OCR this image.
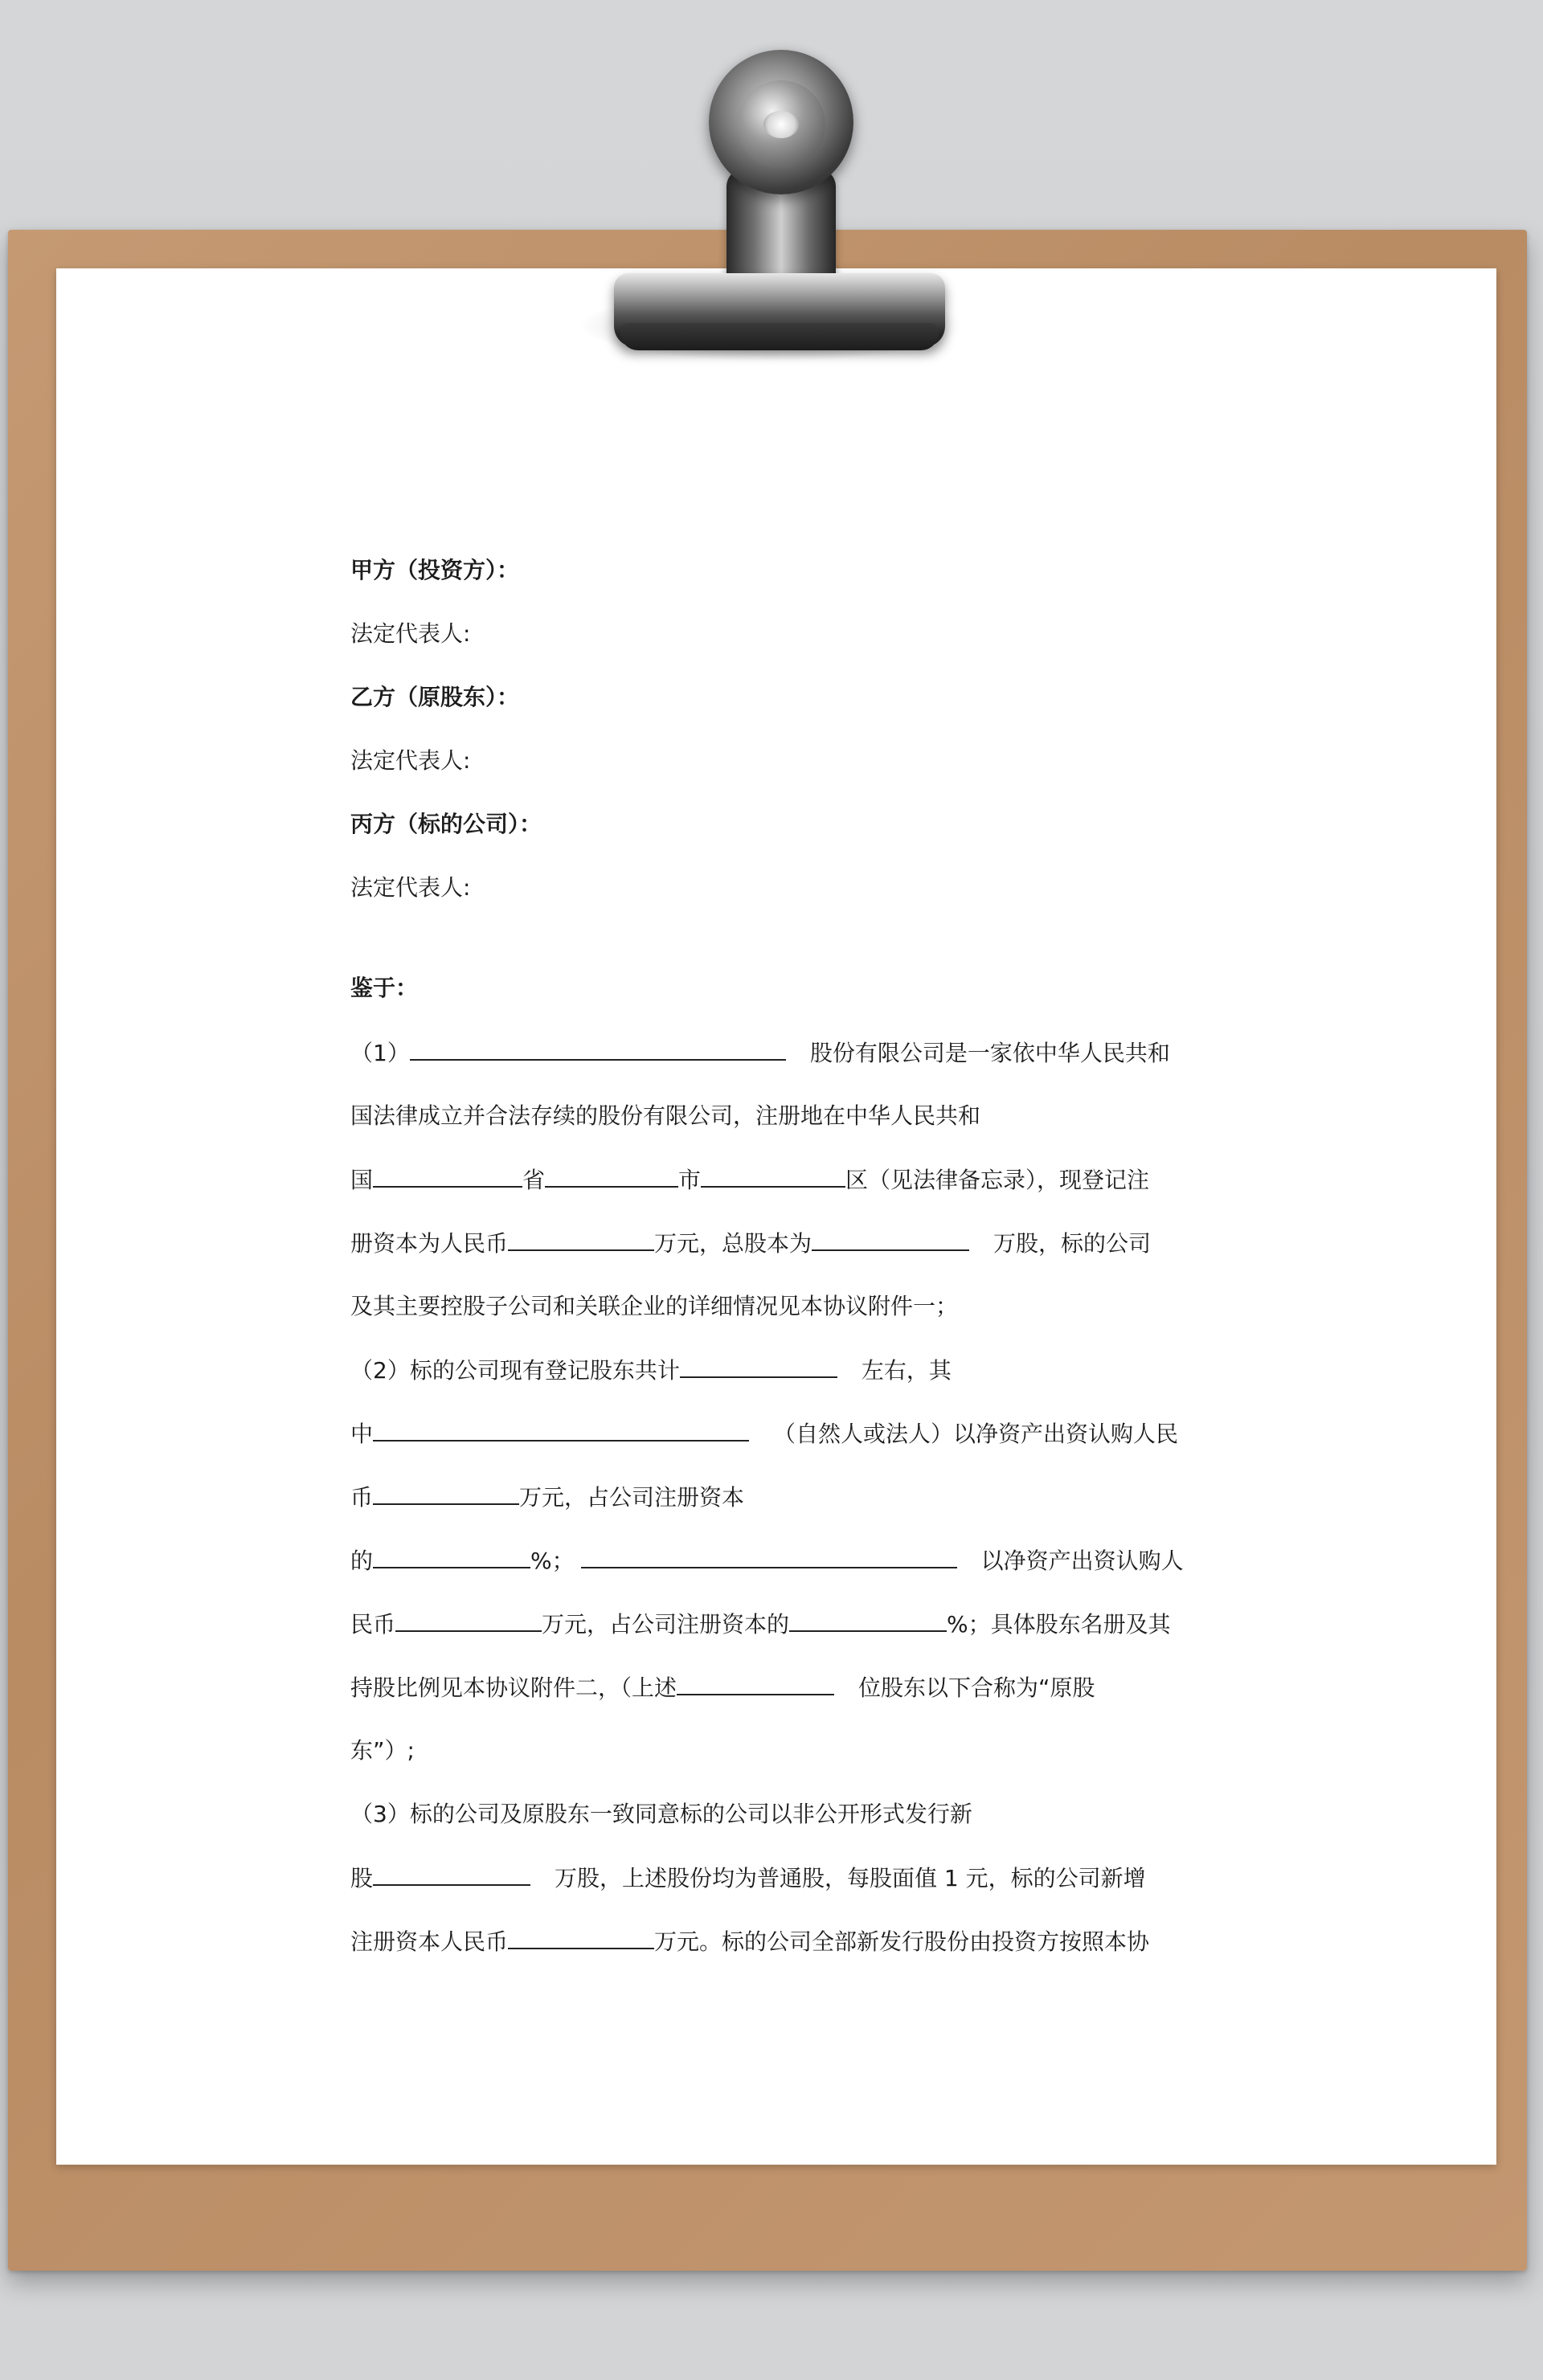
甲方（投资方）：
法定代表人:
乙方（原股东）：
法定代表人:
丙方（标的公司）：
法定代表人:
鉴于：
（1）	股份有限公司是一家依中华人民共和
国法律成立并合法存续的股份有限公司，注册地在中华人民共和
国	省	市	区（见法律备忘录），现登记注
册资本为人民币	万元，总股本为	万股，标的公司
及其主要控股子公司和关联企业的详细情况见本协议附件一；
（2）标的公司现有登记股东共计	左右，其
中	（自然人或法人）以净资产出资认购人民
币	万元，占公司注册资本
的	%；	以净资产出资认购人
民币	万元，占公司注册资本的	%；具体股东名册及其
持股比例见本协议附件二，（上述	位股东以下合称为“原股
东”）;
（3）标的公司及原股东一致同意标的公司以非公开形式发行新
股	万股，上述股份均为普通股，每股面值 1 元，标的公司新增
注册资本人民币	万元。标的公司全部新发行股份由投资方按照本协
